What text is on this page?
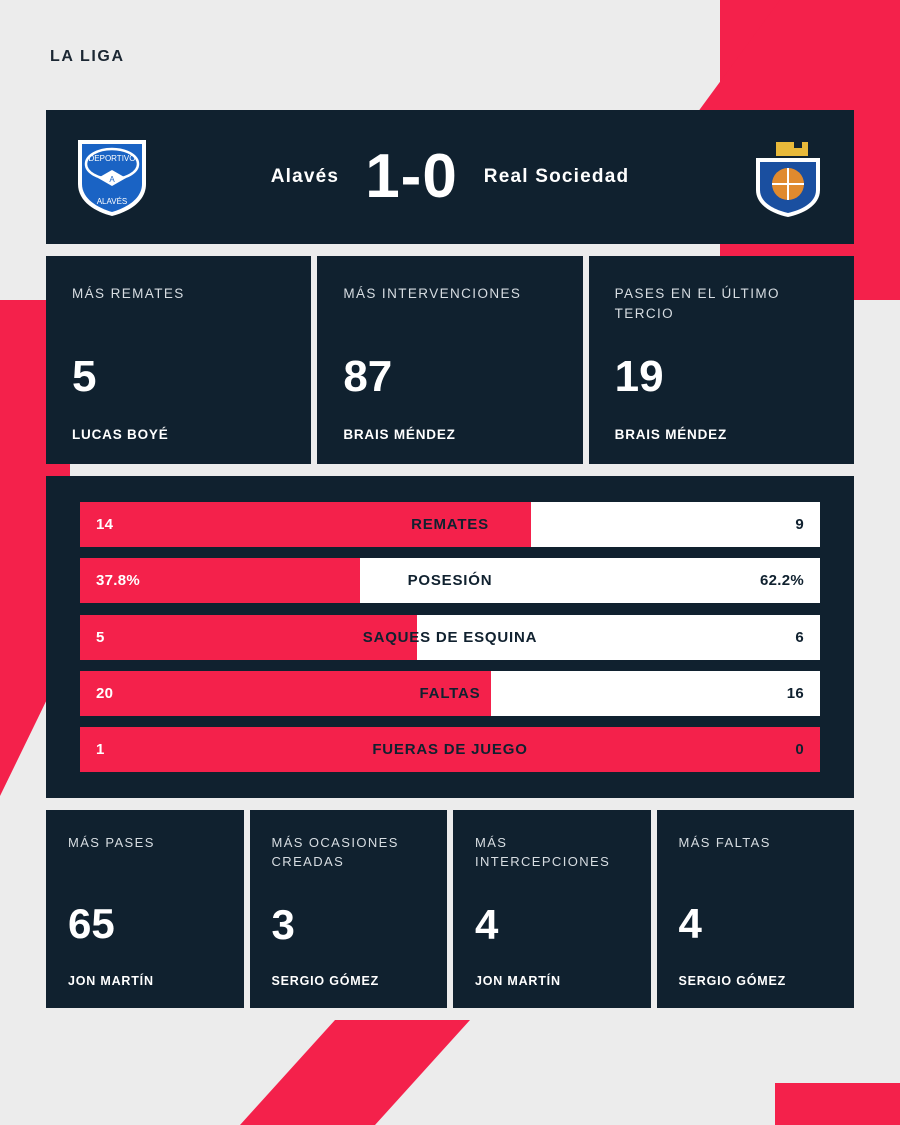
LA LIGA
DEPORTIVO
A
ALAVÉS
Alavés 1-0 Real Sociedad
MÁS REMATES
5
LUCAS BOYÉ
MÁS INTERVENCIONES
87
BRAIS MÉNDEZ
PASES EN EL ÚLTIMO TERCIO
19
BRAIS MÉNDEZ
14	REMATES	9
37.8%	POSESIÓN	62.2%
5	SAQUES DE ESQUINA	6
20	FALTAS	16
1	FUERAS DE JUEGO	0
MÁS PASES
65
JON MARTÍN
MÁS OCASIONES CREADAS
3
SERGIO GÓMEZ
MÁS INTERCEPCIONES
4
JON MARTÍN
MÁS FALTAS
4
SERGIO GÓMEZ
